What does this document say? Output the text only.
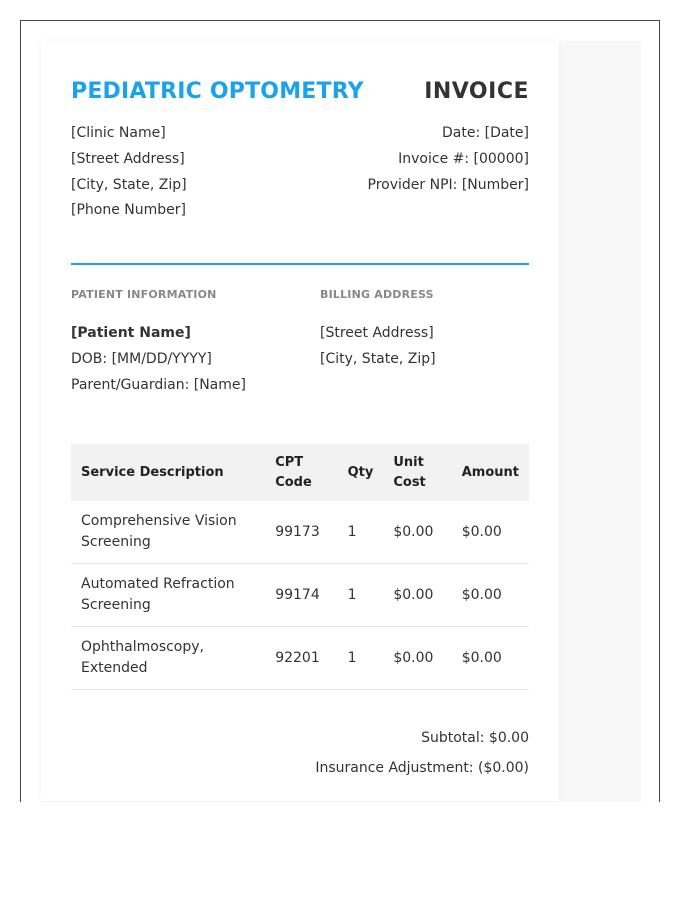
PEDIATRIC OPTOMETRY	INVOICE
[Clinic Name]
[Street Address]
[City, State, Zip]
[Phone Number]
Date: [Date]
Invoice #: [00000]
Provider NPI: [Number]
PATIENT INFORMATION	BILLING ADDRESS
[Patient Name]
DOB: [MM/DD/YYYY]
Parent/Guardian: [Name]
[Street Address]
[City, State, Zip]
Service Description	CPT Code	Qty	Unit Cost	Amount
Comprehensive Vision Screening	99173	1	$0.00	$0.00
Automated Refraction Screening	99174	1	$0.00	$0.00
Ophthalmoscopy, Extended	92201	1	$0.00	$0.00
Subtotal: $0.00
Insurance Adjustment: ($0.00)
